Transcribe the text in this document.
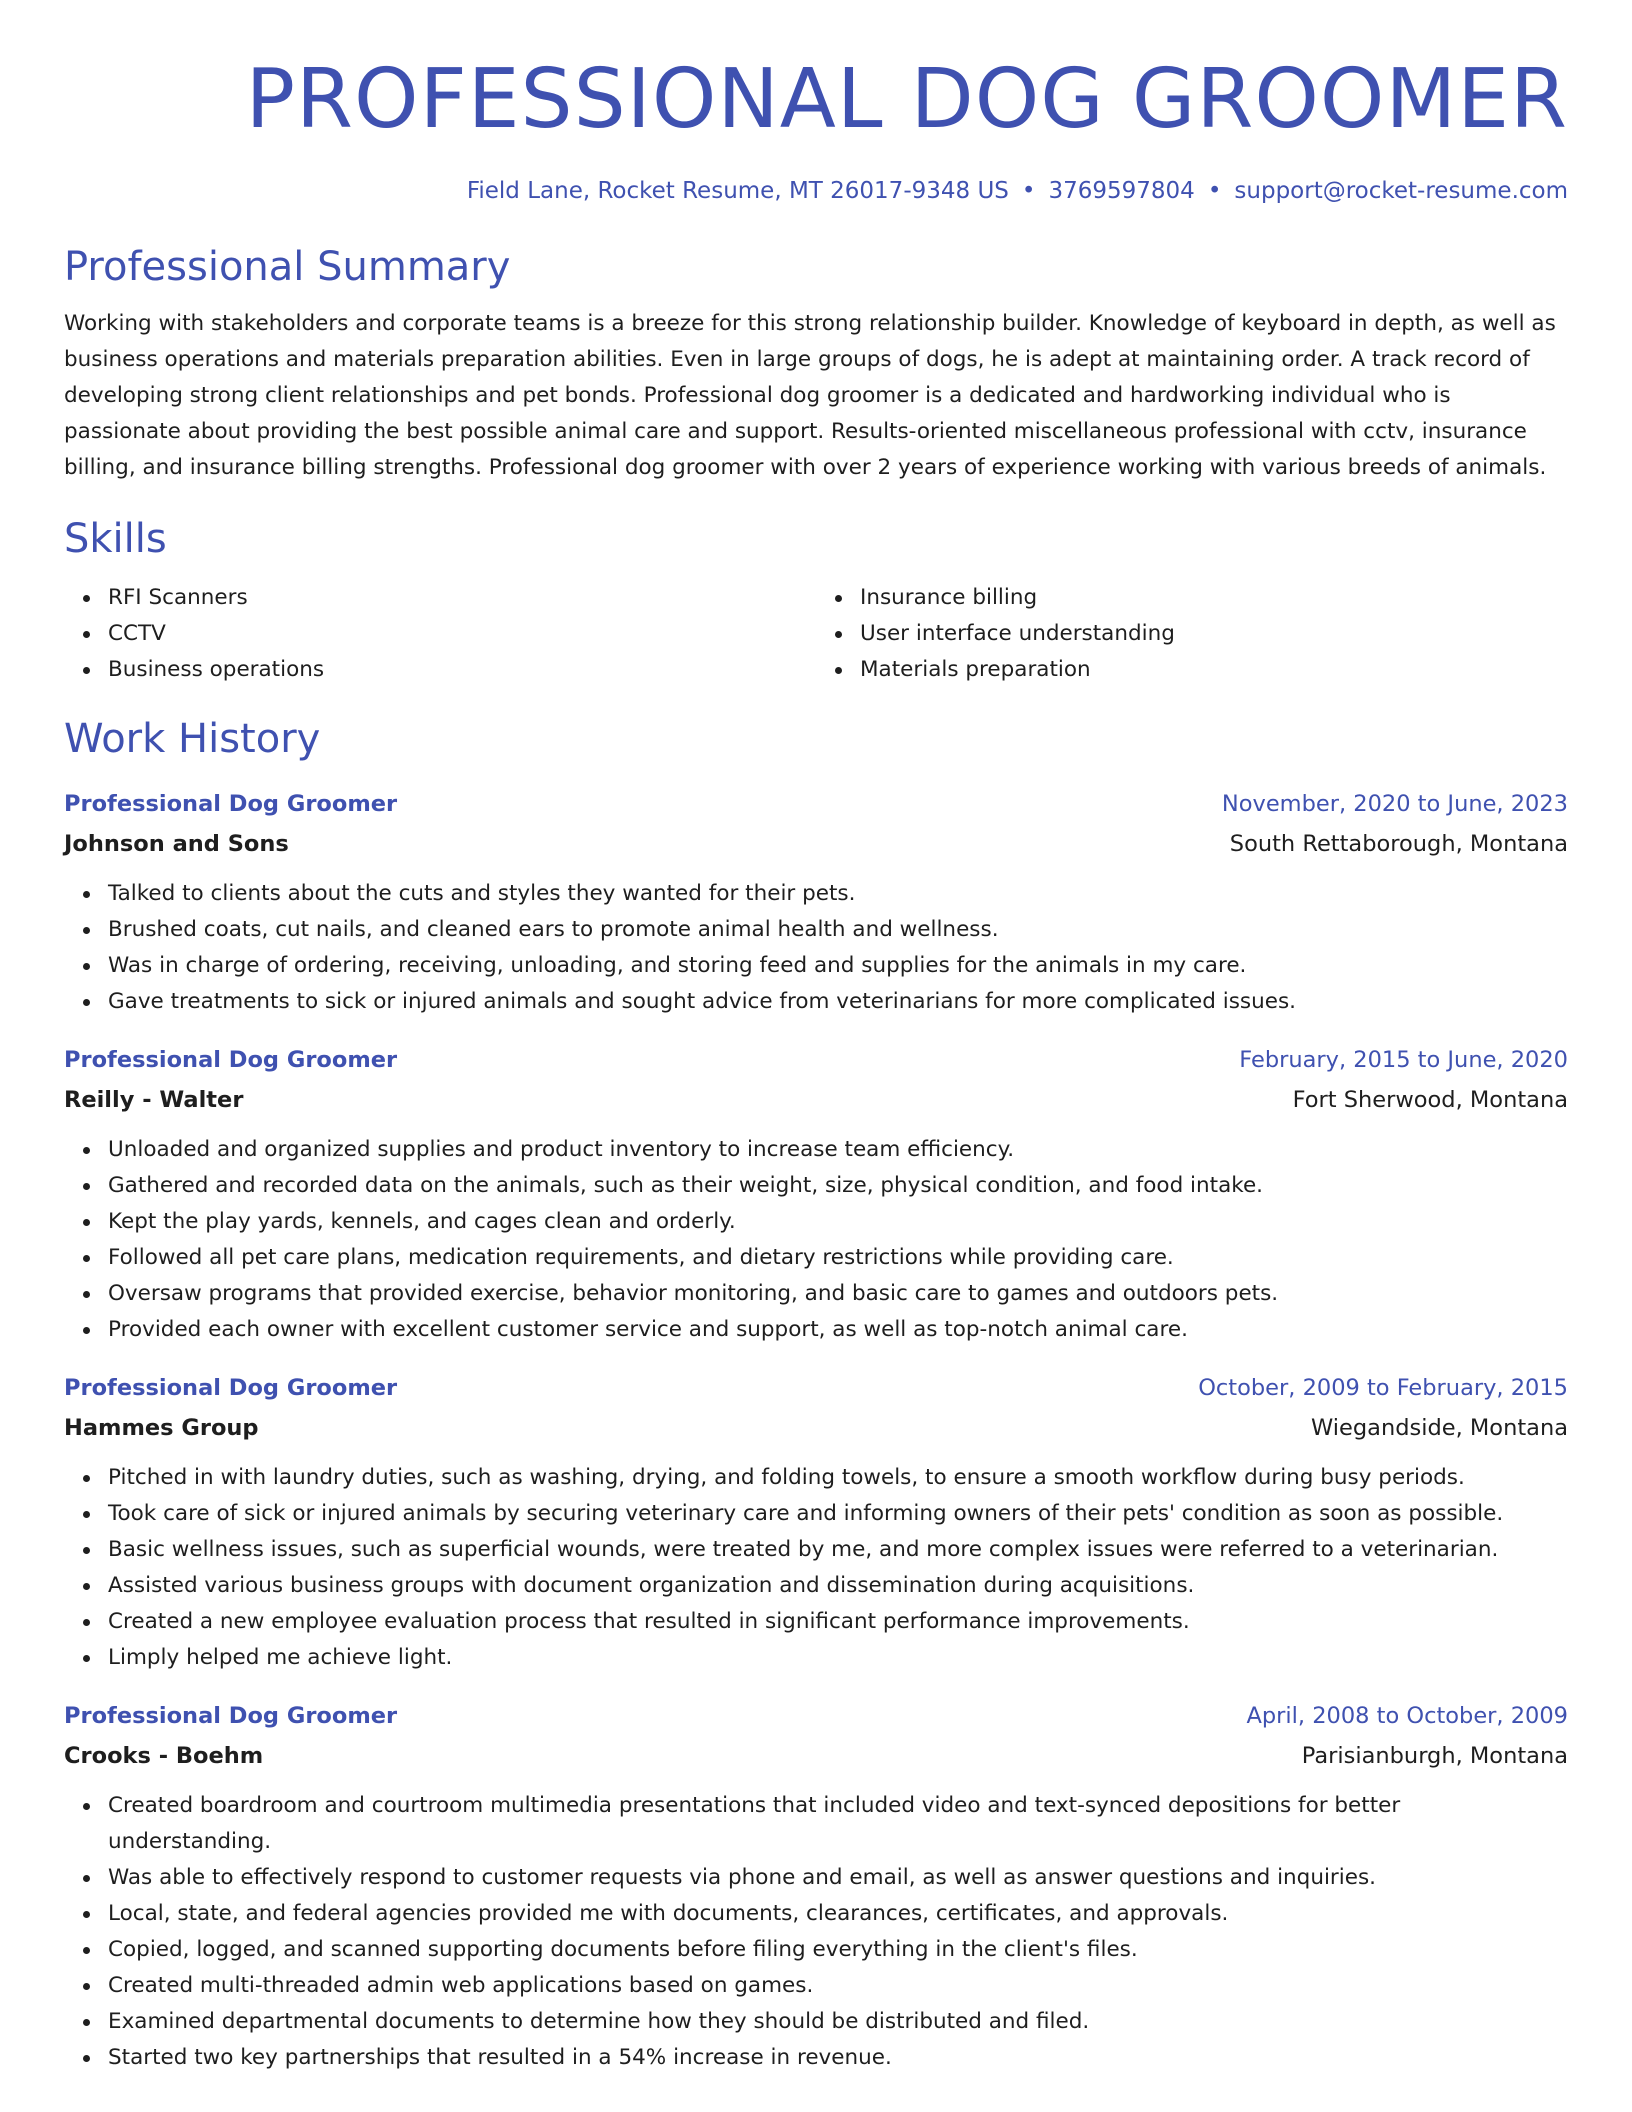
PROFESSIONAL DOG GROOMER
Field Lane, Rocket Resume, MT 26017-9348 US • 3769597804 • support@rocket-resume.com
Professional Summary

Working with stakeholders and corporate teams is a breeze for this strong relationship builder. Knowledge of keyboard in depth, as well as business operations and materials preparation abilities. Even in large groups of dogs, he is adept at maintaining order. A track record of developing strong client relationships and pet bonds. Professional dog groomer is a dedicated and hardworking individual who is passionate about providing the best possible animal care and support. Results-oriented miscellaneous professional with cctv, insurance billing, and insurance billing strengths. Professional dog groomer with over 2 years of experience working with various breeds of animals.

Skills
RFI Scanners
CCTV
Business operations
Insurance billing
User interface understanding
Materials preparation
Work History
Professional Dog Groomer	November, 2020 to June, 2023
Johnson and Sons	South Rettaborough, Montana
Talked to clients about the cuts and styles they wanted for their pets.
Brushed coats, cut nails, and cleaned ears to promote animal health and wellness.
Was in charge of ordering, receiving, unloading, and storing feed and supplies for the animals in my care.
Gave treatments to sick or injured animals and sought advice from veterinarians for more complicated issues.
Professional Dog Groomer	February, 2015 to June, 2020
Reilly - Walter	Fort Sherwood, Montana
Unloaded and organized supplies and product inventory to increase team efficiency.
Gathered and recorded data on the animals, such as their weight, size, physical condition, and food intake.
Kept the play yards, kennels, and cages clean and orderly.
Followed all pet care plans, medication requirements, and dietary restrictions while providing care.
Oversaw programs that provided exercise, behavior monitoring, and basic care to games and outdoors pets.
Provided each owner with excellent customer service and support, as well as top-notch animal care.
Professional Dog Groomer	October, 2009 to February, 2015
Hammes Group	Wiegandside, Montana
Pitched in with laundry duties, such as washing, drying, and folding towels, to ensure a smooth workflow during busy periods.
Took care of sick or injured animals by securing veterinary care and informing owners of their pets' condition as soon as possible.
Basic wellness issues, such as superficial wounds, were treated by me, and more complex issues were referred to a veterinarian.
Assisted various business groups with document organization and dissemination during acquisitions.
Created a new employee evaluation process that resulted in significant performance improvements.
Limply helped me achieve light.
Professional Dog Groomer	April, 2008 to October, 2009
Crooks - Boehm	Parisianburgh, Montana
Created boardroom and courtroom multimedia presentations that included video and text-synced depositions for better understanding.
Was able to effectively respond to customer requests via phone and email, as well as answer questions and inquiries.
Local, state, and federal agencies provided me with documents, clearances, certificates, and approvals.
Copied, logged, and scanned supporting documents before filing everything in the client's files.
Created multi-threaded admin web applications based on games.
Examined departmental documents to determine how they should be distributed and filed.
Started two key partnerships that resulted in a 54% increase in revenue.
